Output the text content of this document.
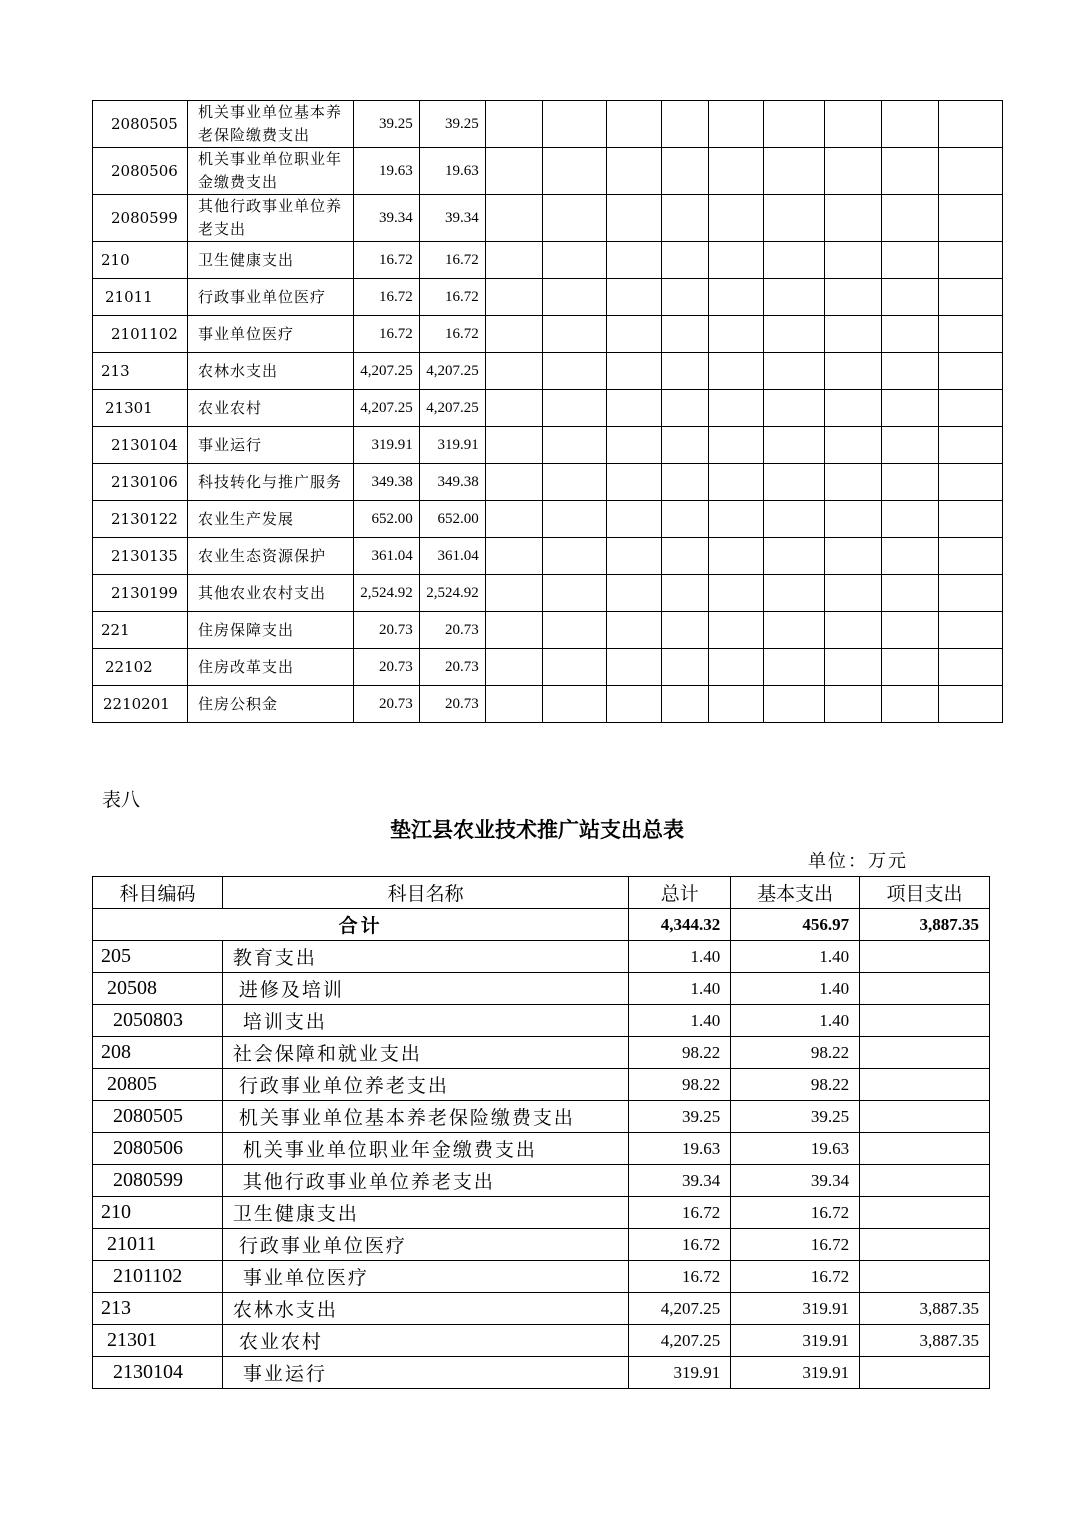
2080505	机关事业单位基本养老保险缴费支出	39.25	39.25									
2080506	机关事业单位职业年金缴费支出	19.63	19.63									
2080599	其他行政事业单位养老支出	39.34	39.34									
210	卫生健康支出	16.72	16.72									
21011	行政事业单位医疗	16.72	16.72									
2101102	事业单位医疗	16.72	16.72									
213	农林水支出	4,207.25	4,207.25									
21301	农业农村	4,207.25	4,207.25									
2130104	事业运行	319.91	319.91									
2130106	科技转化与推广服务	349.38	349.38									
2130122	农业生产发展	652.00	652.00									
2130135	农业生态资源保护	361.04	361.04									
2130199	其他农业农村支出	2,524.92	2,524.92									
221	住房保障支出	20.73	20.73									
22102	住房改革支出	20.73	20.73									
2210201	住房公积金	20.73	20.73									
表八
垫江县农业技术推广站支出总表
单位：万元
科目编码	科目名称	总计	基本支出	项目支出
合计		4,344.32	456.97	3,887.35
205	教育支出	1.40	1.40	
20508	进修及培训	1.40	1.40	
2050803	培训支出	1.40	1.40	
208	社会保障和就业支出	98.22	98.22	
20805	行政事业单位养老支出	98.22	98.22	
2080505	机关事业单位基本养老保险缴费支出	39.25	39.25	
2080506	机关事业单位职业年金缴费支出	19.63	19.63	
2080599	其他行政事业单位养老支出	39.34	39.34	
210	卫生健康支出	16.72	16.72	
21011	行政事业单位医疗	16.72	16.72	
2101102	事业单位医疗	16.72	16.72	
213	农林水支出	4,207.25	319.91	3,887.35
21301	农业农村	4,207.25	319.91	3,887.35
2130104	事业运行	319.91	319.91	
